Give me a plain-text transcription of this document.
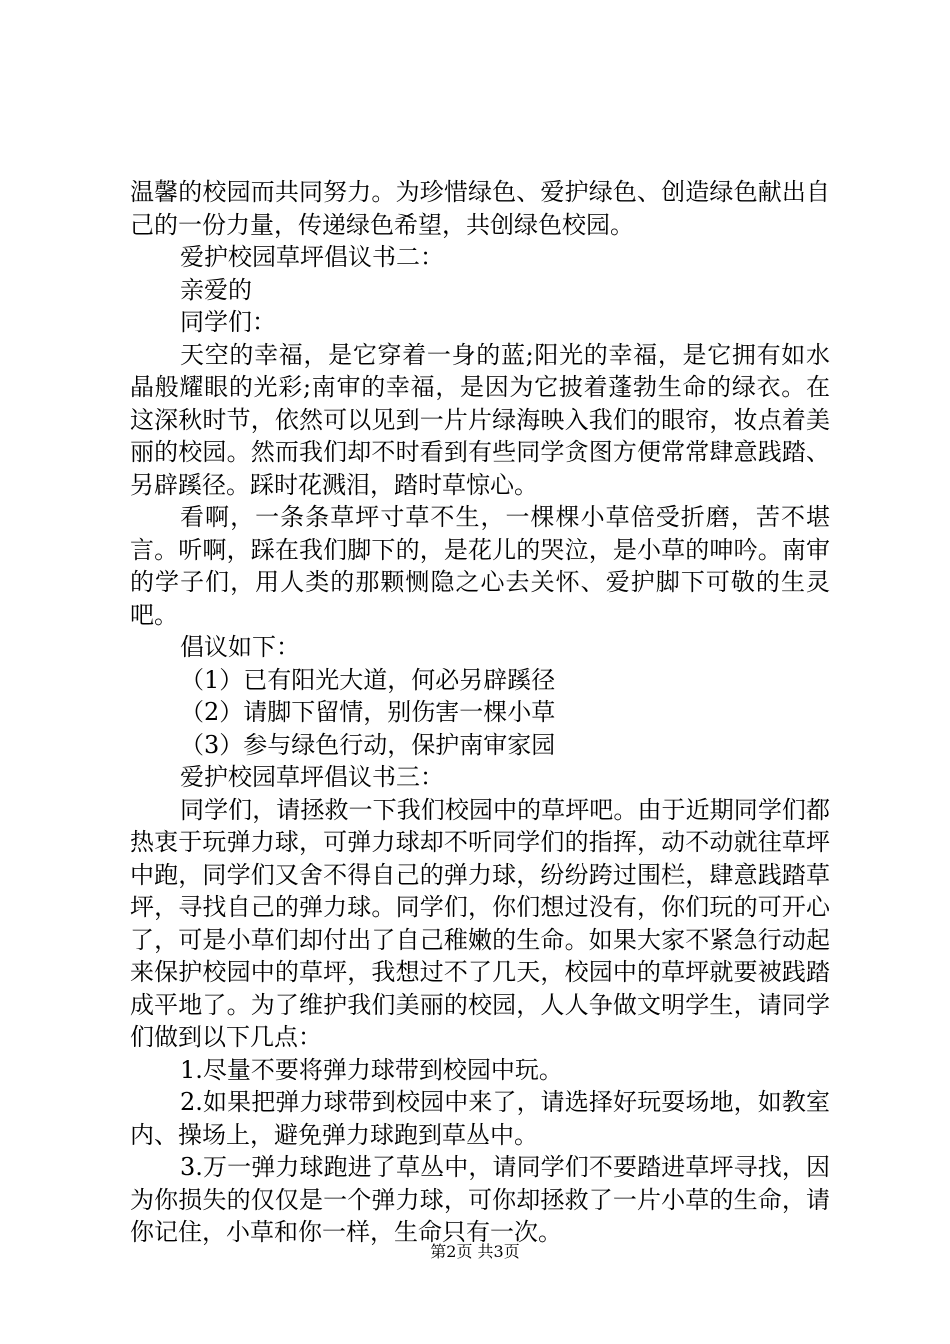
温馨的校园而共同努力。为珍惜绿色、爱护绿色、创造绿色献出自己的一份力量，传递绿色希望，共创绿色校园。

爱护校园草坪倡议书二：

亲爱的

同学们：

天空的幸福，是它穿着一身的蓝;阳光的幸福，是它拥有如水晶般耀眼的光彩;南审的幸福，是因为它披着蓬勃生命的绿衣。在这深秋时节，依然可以见到一片片绿海映入我们的眼帘，妆点着美丽的校园。然而我们却不时看到有些同学贪图方便常常肆意践踏、另辟蹊径。踩时花溅泪，踏时草惊心。

看啊，一条条草坪寸草不生，一棵棵小草倍受折磨，苦不堪言。听啊，踩在我们脚下的，是花儿的哭泣，是小草的呻吟。南审的学子们，用人类的那颗恻隐之心去关怀、爱护脚下可敬的生灵吧。

倡议如下：

（1）已有阳光大道，何必另辟蹊径

（2）请脚下留情，别伤害一棵小草

（3）参与绿色行动，保护南审家园

爱护校园草坪倡议书三：

同学们，请拯救一下我们校园中的草坪吧。由于近期同学们都热衷于玩弹力球，可弹力球却不听同学们的指挥，动不动就往草坪中跑，同学们又舍不得自己的弹力球，纷纷跨过围栏，肆意践踏草坪，寻找自己的弹力球。同学们，你们想过没有，你们玩的可开心了，可是小草们却付出了自己稚嫩的生命。如果大家不紧急行动起来保护校园中的草坪，我想过不了几天，校园中的草坪就要被践踏成平地了。为了维护我们美丽的校园，人人争做文明学生，请同学们做到以下几点：

1.尽量不要将弹力球带到校园中玩。

2.如果把弹力球带到校园中来了，请选择好玩耍场地，如教室内、操场上，避免弹力球跑到草丛中。

3.万一弹力球跑进了草丛中，请同学们不要踏进草坪寻找，因为你损失的仅仅是一个弹力球，可你却拯救了一片小草的生命，请你记住，小草和你一样，生命只有一次。

第2页 共3页
